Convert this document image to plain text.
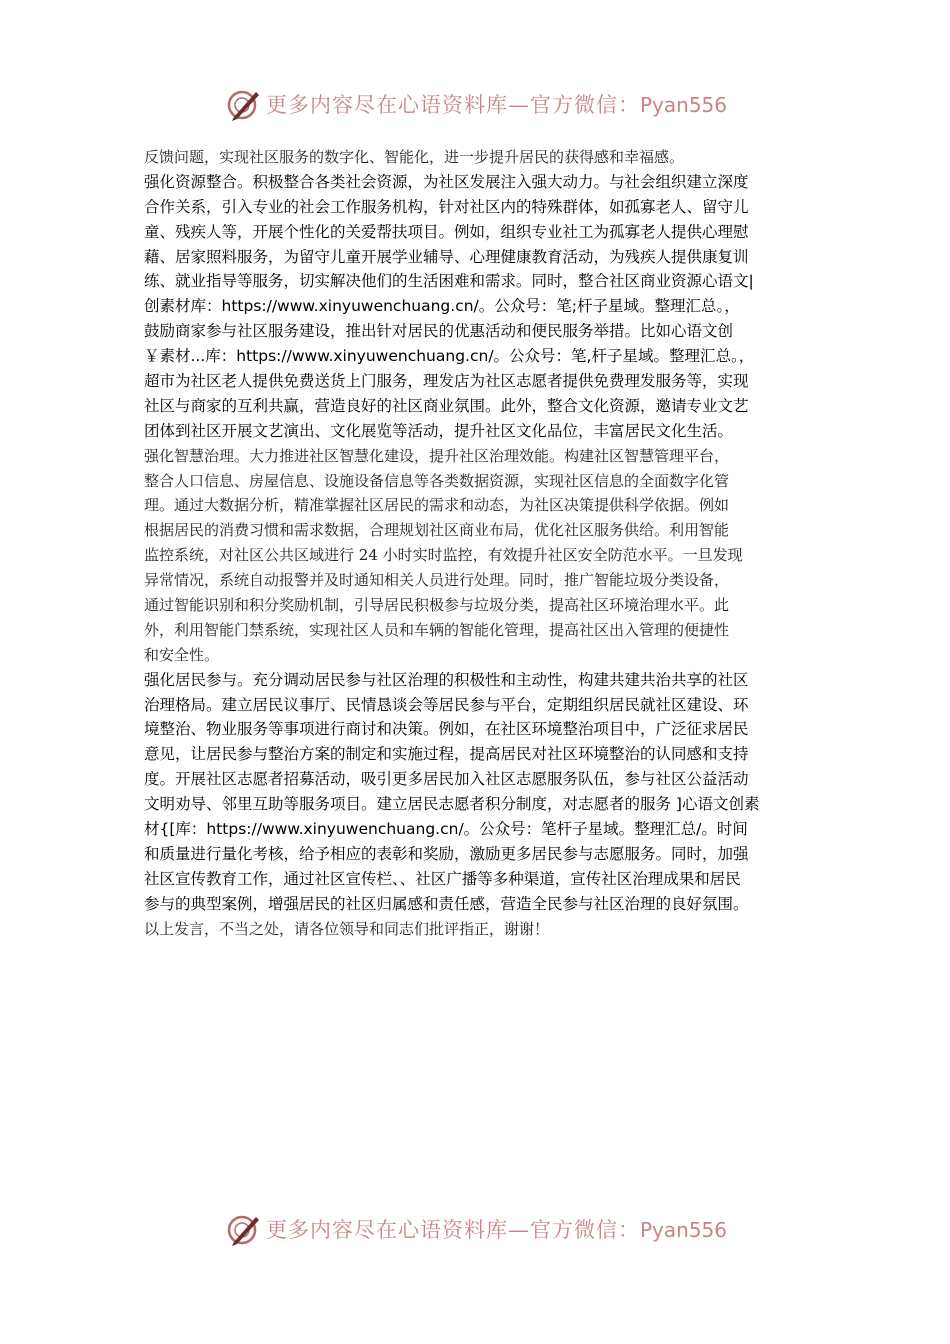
更多内容尽在心语资料库—官方微信：Pyan556
反馈问题，实现社区服务的数字化、智能化，进一步提升居民的获得感和幸福感。
强化资源整合。积极整合各类社会资源，为社区发展注入强大动力。与社会组织建立深度
合作关系，引入专业的社会工作服务机构，针对社区内的特殊群体，如孤寡老人、留守儿
童、残疾人等，开展个性化的关爱帮扶项目。例如，组织专业社工为孤寡老人提供心理慰
藉、居家照料服务，为留守儿童开展学业辅导、心理健康教育活动，为残疾人提供康复训
练、就业指导等服务，切实解决他们的生活困难和需求。同时，整合社区商业资源心语文|
创素材库：https://www.xinyuwenchuang.cn/。公众号：笔;杆子星域。整理汇总。，
鼓励商家参与社区服务建设，推出针对居民的优惠活动和便民服务举措。比如心语文创
￥素材...库：https://www.xinyuwenchuang.cn/。公众号：笔,杆子星域。整理汇总。，
超市为社区老人提供免费送货上门服务，理发店为社区志愿者提供免费理发服务等，实现
社区与商家的互利共赢，营造良好的社区商业氛围。此外，整合文化资源，邀请专业文艺
团体到社区开展文艺演出、文化展览等活动，提升社区文化品位，丰富居民文化生活。
强化智慧治理。大力推进社区智慧化建设，提升社区治理效能。构建社区智慧管理平台，
整合人口信息、房屋信息、设施设备信息等各类数据资源，实现社区信息的全面数字化管
理。通过大数据分析，精准掌握社区居民的需求和动态，为社区决策提供科学依据。例如
根据居民的消费习惯和需求数据，合理规划社区商业布局，优化社区服务供给。利用智能
监控系统，对社区公共区域进行 24 小时实时监控，有效提升社区安全防范水平。一旦发现
异常情况，系统自动报警并及时通知相关人员进行处理。同时，推广智能垃圾分类设备，
通过智能识别和积分奖励机制，引导居民积极参与垃圾分类，提高社区环境治理水平。此
外，利用智能门禁系统，实现社区人员和车辆的智能化管理，提高社区出入管理的便捷性
和安全性。
强化居民参与。充分调动居民参与社区治理的积极性和主动性，构建共建共治共享的社区
治理格局。建立居民议事厅、民情恳谈会等居民参与平台，定期组织居民就社区建设、环
境整治、物业服务等事项进行商讨和决策。例如，在社区环境整治项目中，广泛征求居民
意见，让居民参与整治方案的制定和实施过程，提高居民对社区环境整治的认同感和支持
度。开展社区志愿者招募活动，吸引更多居民加入社区志愿服务队伍，参与社区公益活动
文明劝导、邻里互助等服务项目。建立居民志愿者积分制度，对志愿者的服务 ]心语文创素
材{[库：https://www.xinyuwenchuang.cn/。公众号：笔杆子星域。整理汇总/。时间
和质量进行量化考核，给予相应的表彰和奖励，激励更多居民参与志愿服务。同时，加强
社区宣传教育工作，通过社区宣传栏、、社区广播等多种渠道，宣传社区治理成果和居民
参与的典型案例，增强居民的社区归属感和责任感，营造全民参与社区治理的良好氛围。
以上发言，不当之处，请各位领导和同志们批评指正，谢谢！
更多内容尽在心语资料库—官方微信：Pyan556
